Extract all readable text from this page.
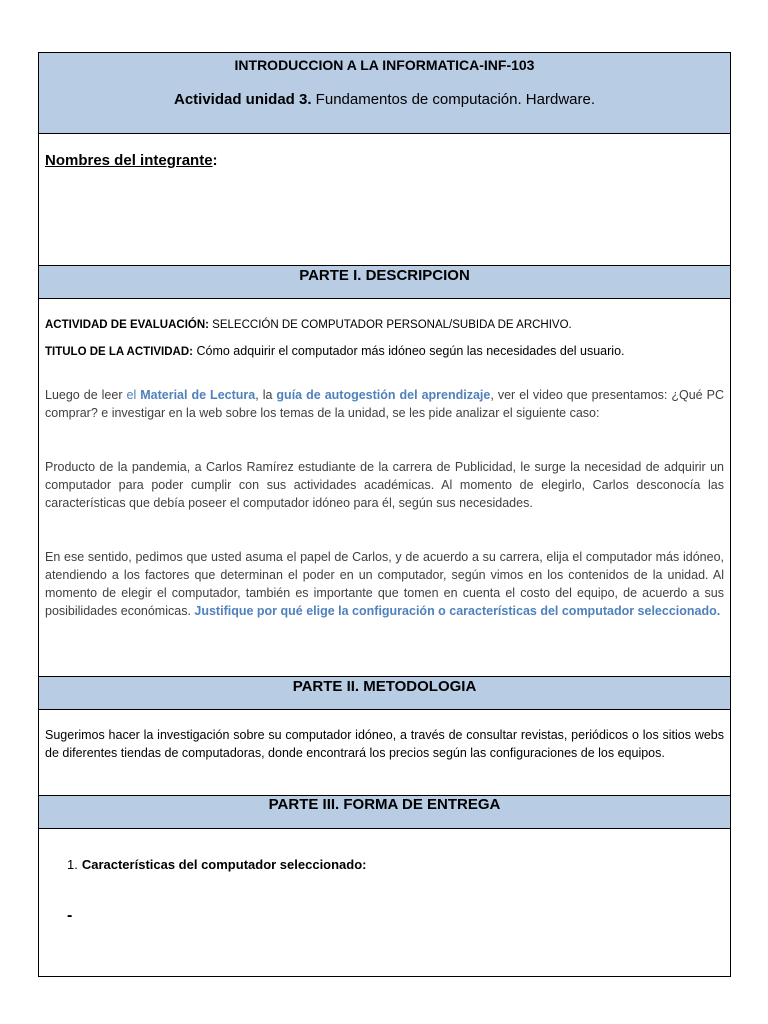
INTRODUCCION A LA INFORMATICA-INF-103
Actividad unidad 3. Fundamentos de computación. Hardware.
Nombres del integrante:
PARTE I. DESCRIPCION

ACTIVIDAD DE EVALUACIÓN: SELECCIÓN DE COMPUTADOR PERSONAL/SUBIDA DE ARCHIVO.

TITULO DE LA ACTIVIDAD: Cómo adquirir el computador más idóneo según las necesidades del usuario.

Luego de leer el Material de Lectura, la guía de autogestión del aprendizaje, ver el video que presentamos: ¿Qué PC comprar? e investigar en la web sobre los temas de la unidad, se les pide analizar el siguiente caso:

Producto de la pandemia, a Carlos Ramírez estudiante de la carrera de Publicidad, le surge la necesidad de adquirir un computador para poder cumplir con sus actividades académicas. Al momento de elegirlo, Carlos desconocía las características que debía poseer el computador idóneo para él, según sus necesidades.

En ese sentido, pedimos que usted asuma el papel de Carlos, y de acuerdo a su carrera, elija el computador más idóneo, atendiendo a los factores que determinan el poder en un computador, según vimos en los contenidos de la unidad. Al momento de elegir el computador, también es importante que tomen en cuenta el costo del equipo, de acuerdo a sus posibilidades económicas. Justifique por qué elige la configuración o características del computador seleccionado.

PARTE II. METODOLOGIA

Sugerimos hacer la investigación sobre su computador idóneo, a través de consultar revistas, periódicos o los sitios webs de diferentes tiendas de computadoras, donde encontrará los precios según las configuraciones de los equipos.

PARTE III. FORMA DE ENTREGA
1. Características del computador seleccionado:
-
